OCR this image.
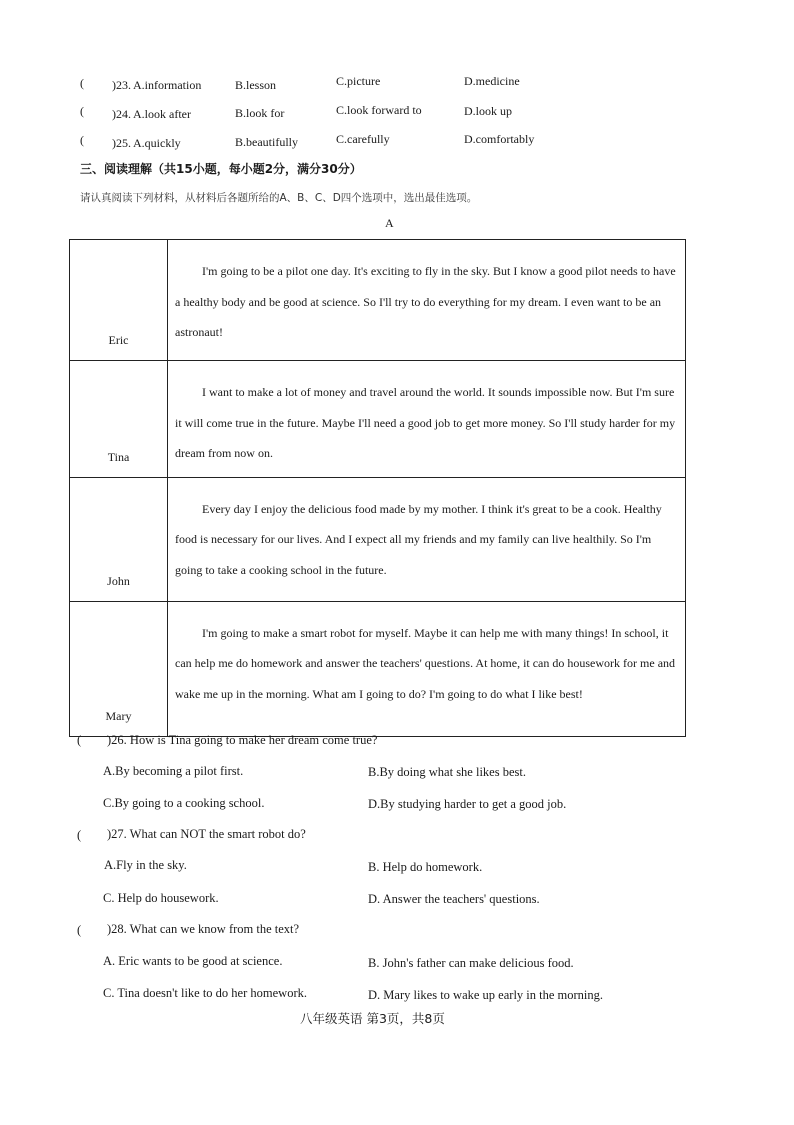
( )23. A.information	B.lesson	C.picture	D.medicine
( )24. A.look after	B.look for	C.look forward to	D.look up
( )25. A.quickly	B.beautifully	C.carefully	D.comfortably
三、阅读理解（共15小题，每小题2分，满分30分）
请认真阅读下列材料，从材料后各题所给的A、B、C、D四个选项中，选出最佳选项。
A
Eric	I'm going to be a pilot one day. It's exciting to fly in the sky. But I know a good pilot needs to have a healthy body and be good at science. So I'll try to do everything for my dream. I even want to be an astronaut!

Tina	I want to make a lot of money and travel around the world. It sounds impossible now. But I'm sure it will come true in the future. Maybe I'll need a good job to get more money. So I'll study harder for my dream from now on.

John	Every day I enjoy the delicious food made by my mother. I think it's great to be a cook. Healthy food is necessary for our lives. And I expect all my friends and my family can live healthily. So I'm going to take a cooking school in the future.

Mary	I'm going to make a smart robot for myself. Maybe it can help me with many things! In school, it can help me do homework and answer the teachers' questions. At home, it can do housework for me and wake me up in the morning. What am I going to do? I'm going to do what I like best!
( )26. How is Tina going to make her dream come true?
A.By becoming a pilot first.	B.By doing what she likes best.
C.By going to a cooking school.	D.By studying harder to get a good job.
( )27. What can NOT the smart robot do?
A.Fly in the sky.	B. Help do homework.
C. Help do housework.	D. Answer the teachers' questions.
( )28. What can we know from the text?
A. Eric wants to be good at science.	B. John's father can make delicious food.
C. Tina doesn't like to do her homework.	D. Mary likes to wake up early in the morning.
八年级英语 第3页，共8页
